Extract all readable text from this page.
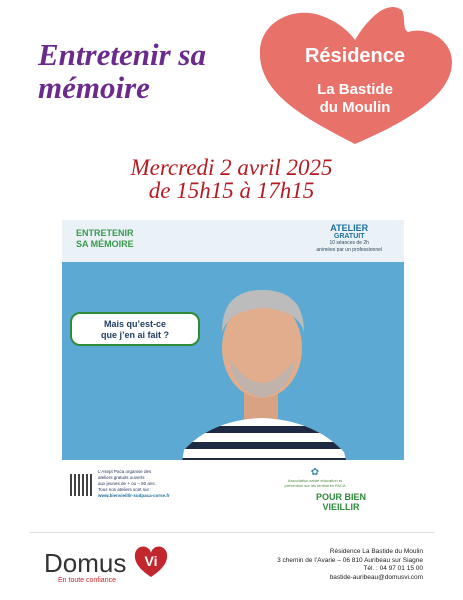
Entretenir sa
mémoire
Résidence
La Bastide
du Moulin
Mercredi 2 avril 2025
de 15h15 à 17h15
ENTRETENIR
SA MÉMOIRE
ATELIER
GRATUIT
10 séances de 2h
animées par un professionnel
Mais qu’est-ce
que j’en ai fait ?
L’Asept Paca organise des
ateliers gratuits ouverts
aux jeunes de + ou – 60 ans.
Tous nos ateliers sont sur :
www.bienvieillir-sudpaca-corse.fr
✿
Association santé éducation et prévention sur les territoires PACA
POUR BIEN
VIEILLIR
Domus Vi
En toute confiance
Résidence La Bastide du Moulin
3 chemin de l’Avarie – 06 810 Auribeau sur Siagne
Tél. : 04 97 01 15 00
bastide-auribeau@domusvi.com
